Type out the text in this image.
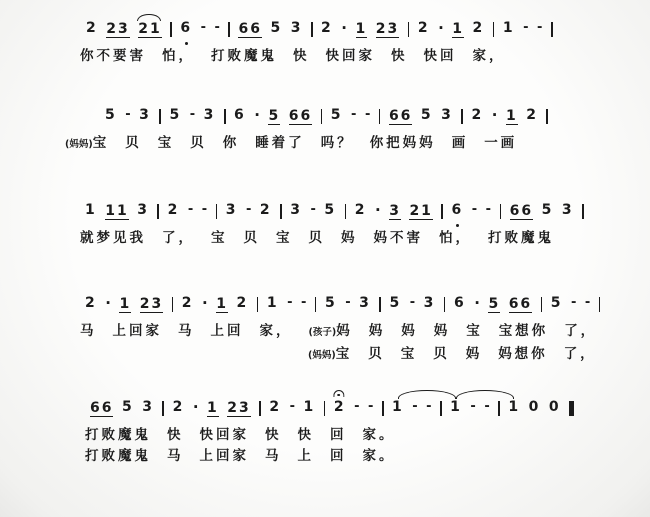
2 23 21 6 - - 66 5 3 2 · 1 23 2 · 1 2 1 - -
你不要害 怕， 打败魔鬼 快 快回家 快 快回 家，
5 - 3 5 - 3 6 · 5 66 5 - - 66 5 3 2 · 1 2
(妈妈)宝 贝 宝 贝 你 睡着了 吗？ 你把妈妈 画 一画
1 11 3 2 - - 3 - 2 3 - 5 2 · 3 21 6 - - 66 5 3
就梦见我 了， 宝 贝 宝 贝 妈 妈不害 怕， 打败魔鬼
2 · 1 23 2 · 1 2 1 - - 5 - 3 5 - 3 6 · 5 66 5 - -
马 上回家 马 上回 家， (孩子)妈 妈 妈 妈 宝 宝想你 了，
(妈妈)宝 贝 宝 贝 妈 妈想你 了，
66 5 3 2 · 1 23 2 - 1 2 - - 1 - - 1 - - 1 0 0
打败魔鬼 快 快回家 快 快 回 家。
打败魔鬼 马 上回家 马 上 回 家。
